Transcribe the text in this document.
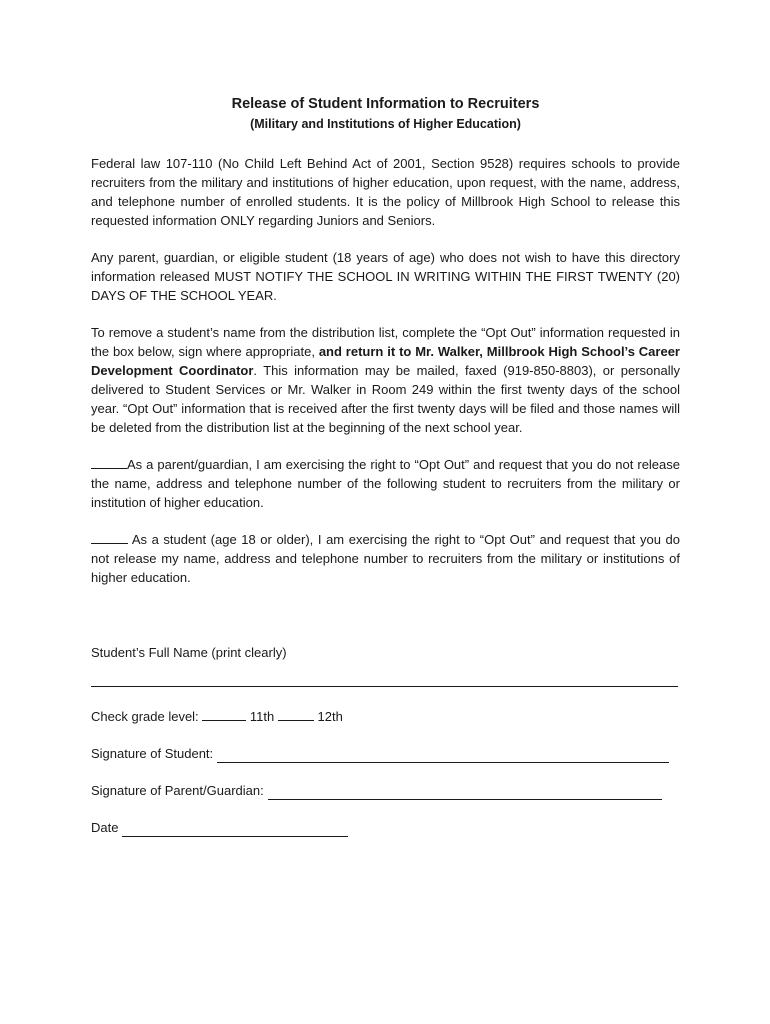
Release of Student Information to Recruiters
(Military and Institutions of Higher Education)

Federal law 107-110 (No Child Left Behind Act of 2001, Section 9528) requires schools to provide recruiters from the military and institutions of higher education, upon request, with the name, address, and telephone number of enrolled students. It is the policy of Millbrook High School to release this requested information ONLY regarding Juniors and Seniors.

Any parent, guardian, or eligible student (18 years of age) who does not wish to have this directory information released MUST NOTIFY THE SCHOOL IN WRITING WITHIN THE FIRST TWENTY (20) DAYS OF THE SCHOOL YEAR.

To remove a student’s name from the distribution list, complete the “Opt Out” information requested in the box below, sign where appropriate, and return it to Mr. Walker, Millbrook High School’s Career Development Coordinator. This information may be mailed, faxed (919-850-8803), or personally delivered to Student Services or Mr. Walker in Room 249 within the first twenty days of the school year. “Opt Out” information that is received after the first twenty days will be filed and those names will be deleted from the distribution list at the beginning of the next school year.

As a parent/guardian, I am exercising the right to “Opt Out” and request that you do not release the name, address and telephone number of the following student to recruiters from the military or institution of higher education.

As a student (age 18 or older), I am exercising the right to “Opt Out” and request that you do not release my name, address and telephone number to recruiters from the military or institutions of higher education.

Student’s Full Name (print clearly)

Check grade level:	11th	12th
Signature of Student:
Signature of Parent/Guardian:
Date
